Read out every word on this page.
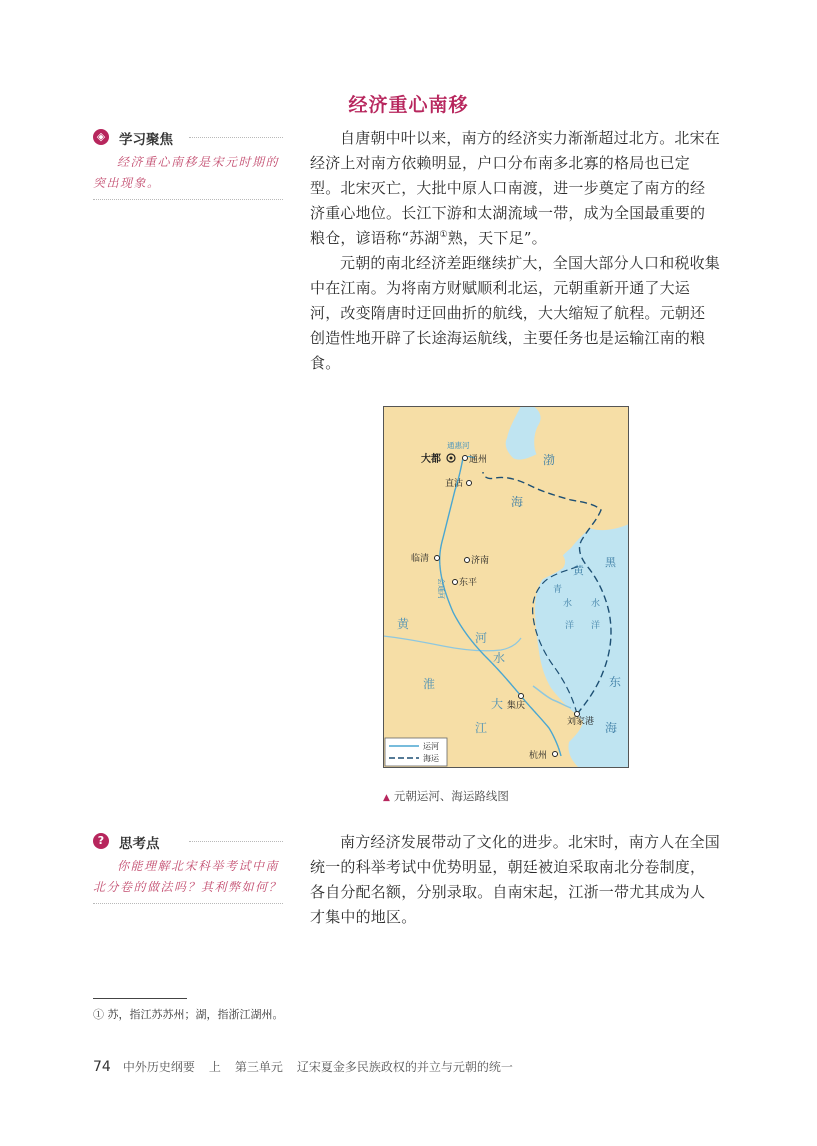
经济重心南移
◈ 学习聚焦
经济重心南移是宋元时期的突出现象。

自唐朝中叶以来，南方的经济实力渐渐超过北方。北宋在经济上对南方依赖明显，户口分布南多北寡的格局也已定型。北宋灭亡，大批中原人口南渡，进一步奠定了南方的经济重心地位。长江下游和太湖流域一带，成为全国最重要的粮仓，谚语称“苏湖①熟，天下足”。

元朝的南北经济差距继续扩大，全国大部分人口和税收集中在江南。为将南方财赋顺利北运，元朝重新开通了大运河，改变隋唐时迂回曲折的航线，大大缩短了航程。元朝还创造性地开辟了长途海运航线，主要任务也是运输江南的粮食。

大都	通州
通惠河
直沽
临清	济南
东平
会通河
集庆
刘家港
杭州
渤
海
黄
黑
水 水
洋 洋
青
东
海
黄
河
淮
水
大
江
运河
海运
▲ 元朝运河、海运路线图
?	思考点
你能理解北宋科举考试中南北分卷的做法吗？其利弊如何？

南方经济发展带动了文化的进步。北宋时，南方人在全国统一的科举考试中优势明显，朝廷被迫采取南北分卷制度，各自分配名额，分别录取。自南宋起，江浙一带尤其成为人才集中的地区。

① 苏，指江苏苏州；湖，指浙江湖州。
74 中外历史纲要 上 第三单元 辽宋夏金多民族政权的并立与元朝的统一
